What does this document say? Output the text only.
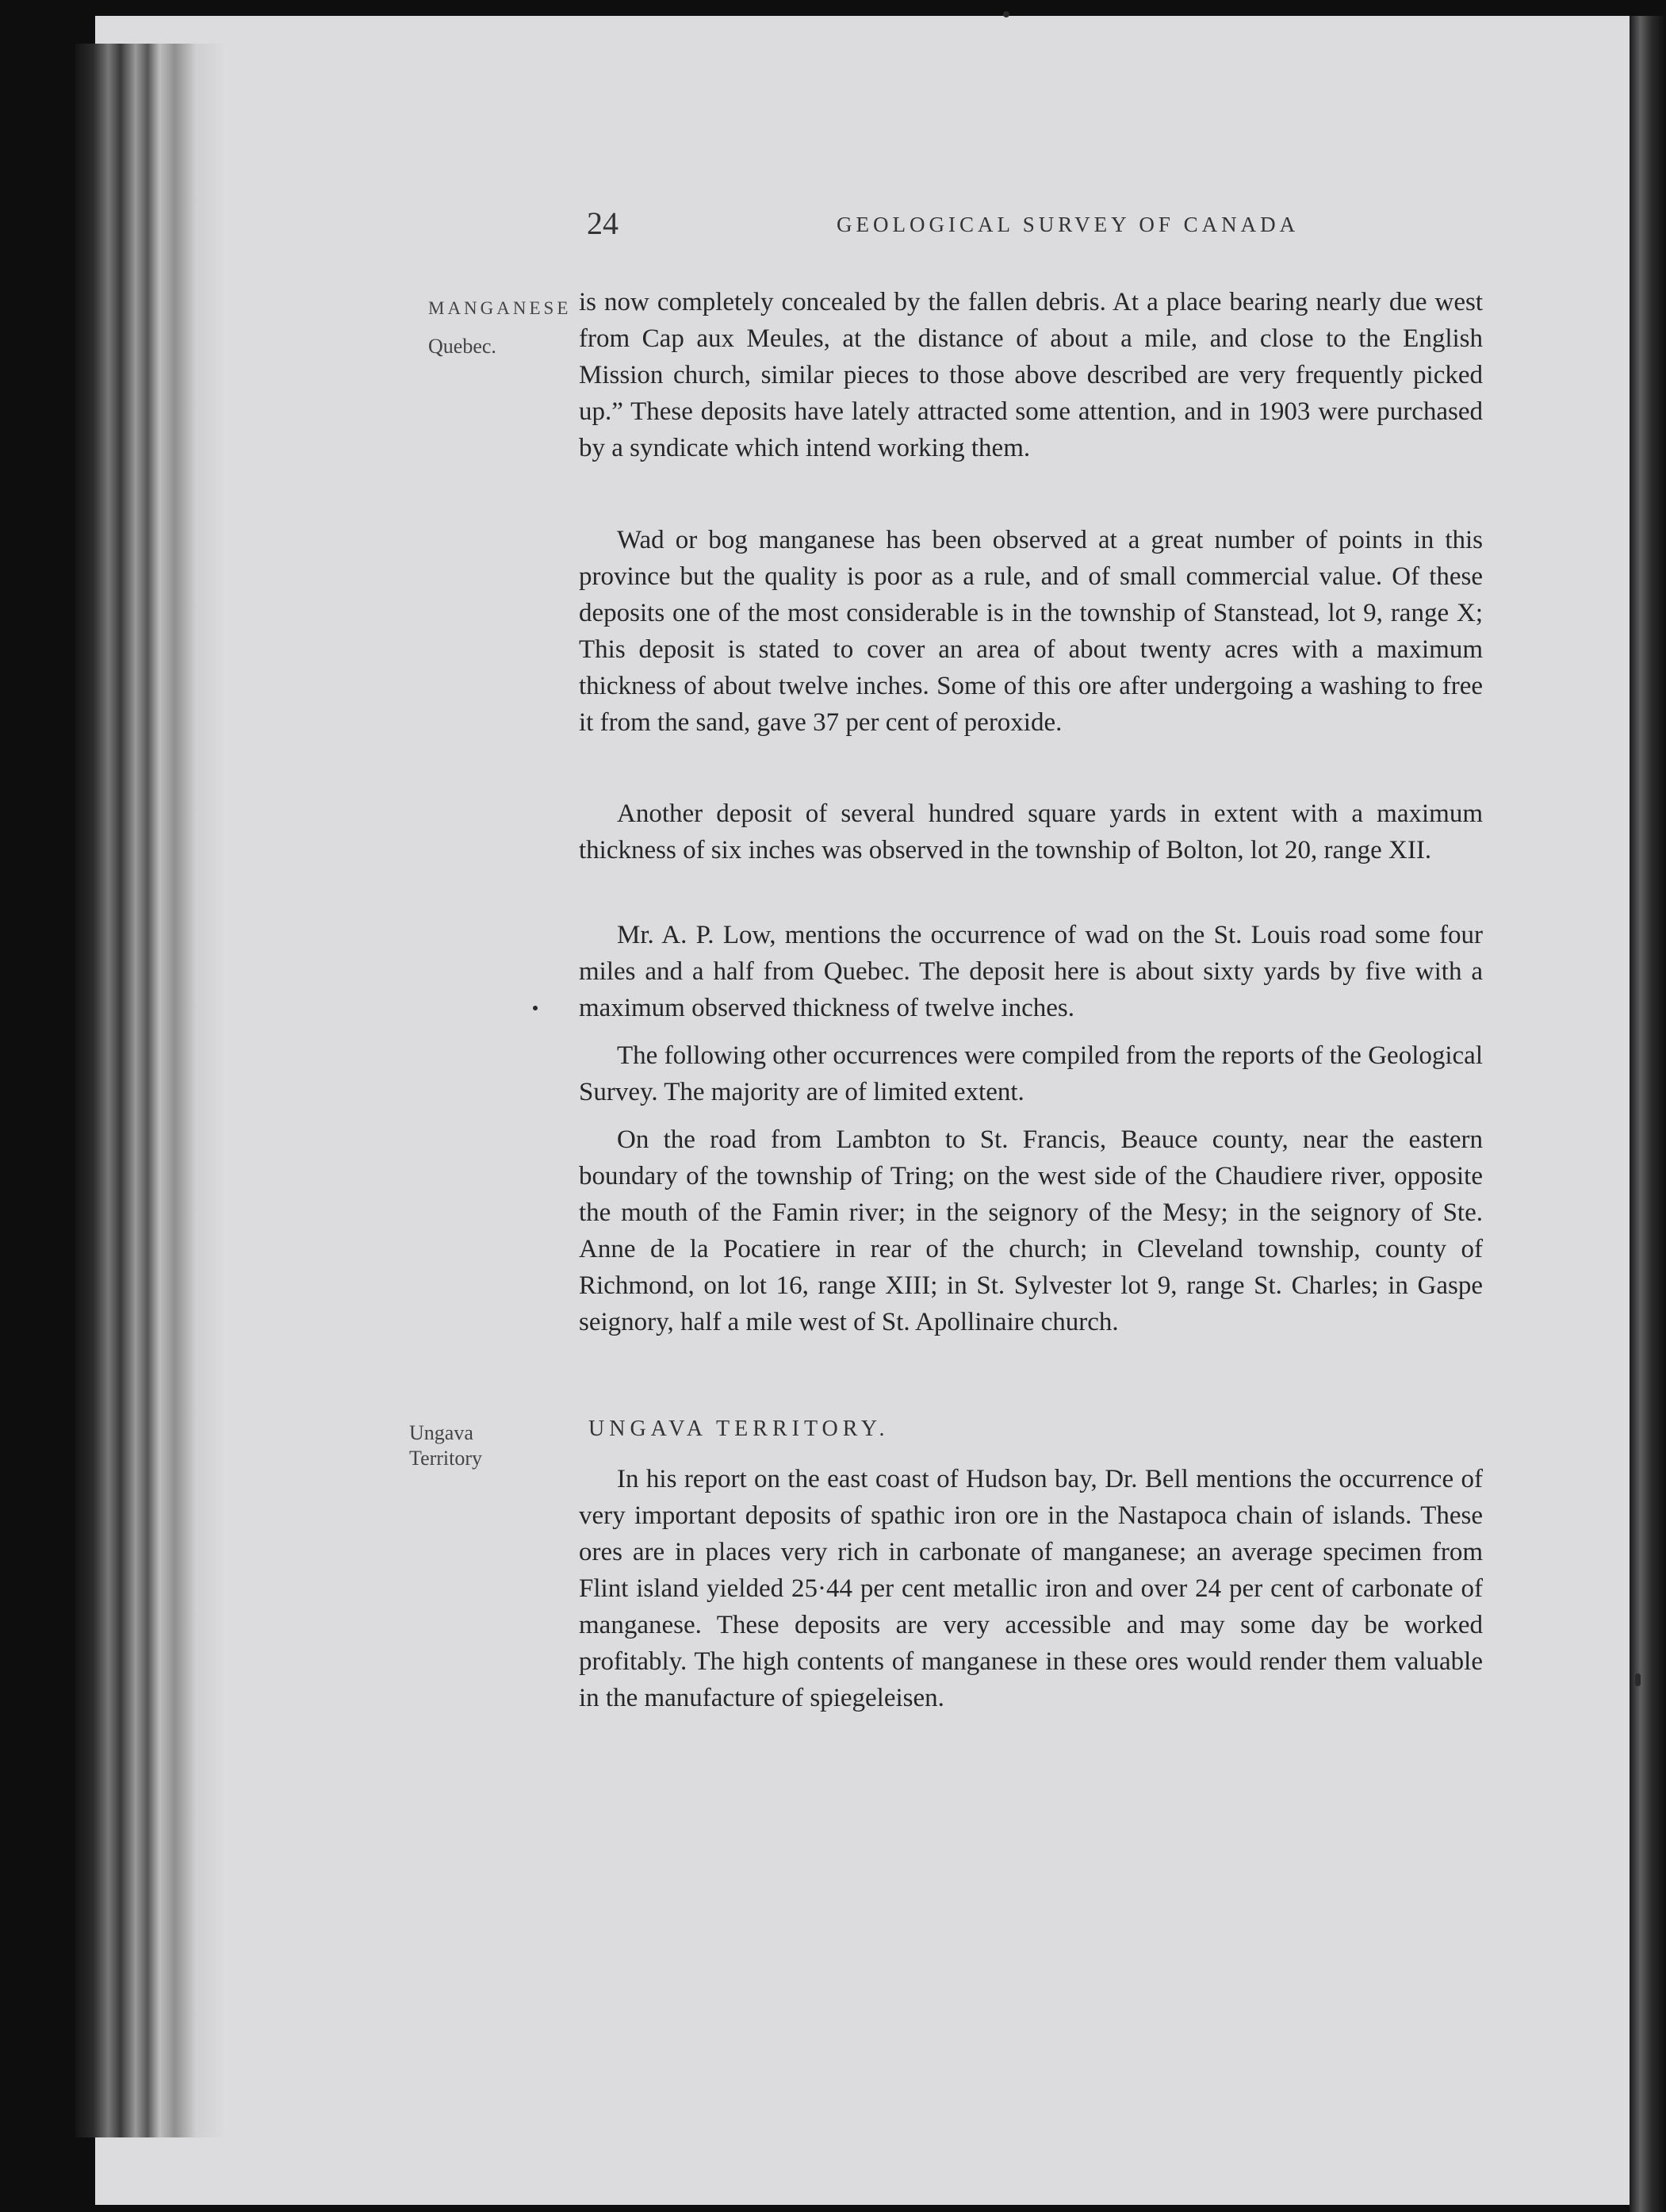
24	GEOLOGICAL SURVEY OF CANADA
MANGANESE
Quebec.
Ungava
Territory

is now completely concealed by the fallen debris. At a place bearing nearly due west from Cap aux Meules, at the distance of about a mile, and close to the English Mission church, similar pieces to those above described are very frequently picked up.” These deposits have lately attracted some attention, and in 1903 were purchased by a syndicate which intend working them.

Wad or bog manganese has been observed at a great number of points in this province but the quality is poor as a rule, and of small commercial value. Of these deposits one of the most considerable is in the township of Stanstead, lot 9, range X; This deposit is stated to cover an area of about twenty acres with a maximum thickness of about twelve inches. Some of this ore after undergoing a washing to free it from the sand, gave 37 per cent of peroxide.

Another deposit of several hundred square yards in extent with a maximum thickness of six inches was observed in the township of Bolton, lot 20, range XII.

Mr. A. P. Low, mentions the occurrence of wad on the St. Louis road some four miles and a half from Quebec. The deposit here is about sixty yards by five with a maximum observed thickness of twelve inches.

The following other occurrences were compiled from the reports of the Geological Survey. The majority are of limited extent.

On the road from Lambton to St. Francis, Beauce county, near the eastern boundary of the township of Tring; on the west side of the Chaudiere river, opposite the mouth of the Famin river; in the seignory of the Mesy; in the seignory of Ste. Anne de la Pocatiere in rear of the church; in Cleveland township, county of Richmond, on lot 16, range XIII; in St. Sylvester lot 9, range St. Charles; in Gaspe seignory, half a mile west of St. Apollinaire church.

UNGAVA TERRITORY.

In his report on the east coast of Hudson bay, Dr. Bell mentions the occurrence of very important deposits of spathic iron ore in the Nastapoca chain of islands. These ores are in places very rich in carbonate of manganese; an average specimen from Flint island yielded 25·44 per cent metallic iron and over 24 per cent of carbonate of manganese. These deposits are very accessible and may some day be worked profitably. The high contents of manganese in these ores would render them valuable in the manufacture of spiegeleisen.
